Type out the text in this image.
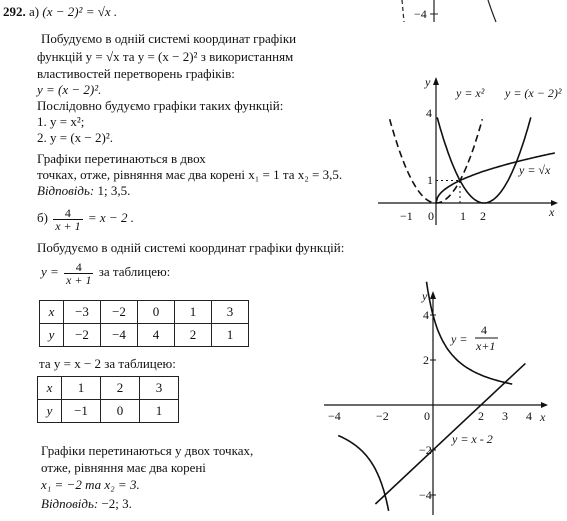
292. а) (x − 2)² = √x .
Побудуємо в одній системі координат графіки
функцій y = √x та y = (x − 2)² з використанням
властивостей перетворень графіків:
y = (x − 2)².
Послідовно будуємо графіки таких функцій:
1. y = x²;
2. y = (x − 2)².
Графіки перетинаються в двох
точках, отже, рівняння має два корені x₁ = 1 та x₂ = 3,5.
Відповідь: 1; 3,5.
$б) \frac{4}{x + 1} = x - 2$ .
Побудуємо в одній системі координат графіки функцій:
$y = \frac{4}{x + 1}$ за таблицею:
x	−3	−2	0	1	3
y	−2	−4	4	2	1
та y = x − 2 за таблицею:
x	1	2	3
y	−1	0	1
Графіки перетинаються у двох точках,
отже, рівняння має два корені
x₁ = −2 та x₂ = 3.
Відповідь: −2; 3.
−4
y
x
y = x² y = (x − 2)²
y = √x
4
1
−1 0 1 2
y
x
−4	−2	0	2 3 4
4
2
−2
−4
y =
4
x+1
y = x - 2
